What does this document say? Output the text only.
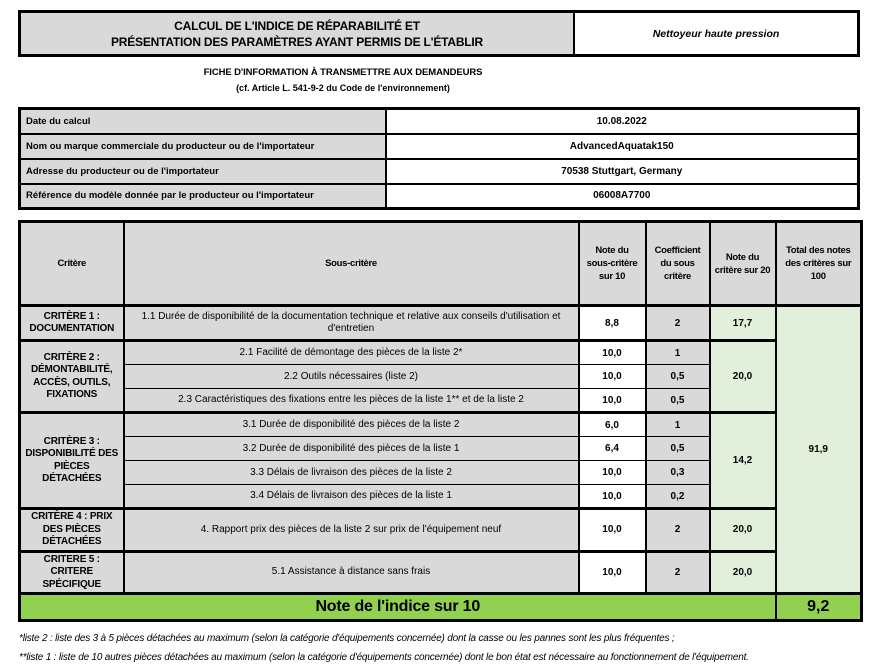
CALCUL DE L'INDICE DE RÉPARABILITÉ ET
PRÉSENTATION DES PARAMÈTRES AYANT PERMIS DE L'ÉTABLIR
Nettoyeur haute pression
FICHE D'INFORMATION À TRANSMETTRE AUX DEMANDEURS
(cf. Article L. 541-9-2 du Code de l'environnement)
Date du calcul	10.08.2022
Nom ou marque commerciale du producteur ou de l'importateur	AdvancedAquatak150
Adresse du producteur ou de l'importateur	70538 Stuttgart, Germany
Référence du modèle donnée par le producteur ou l'importateur	06008A7700
Critère	Sous-critère	Note du sous-critère sur 10	Coefficient du sous critère	Note du critère sur 20	Total des notes des critères sur 100
CRITÈRE 1 : DOCUMENTATION	1.1 Durée de disponibilité de la documentation technique et relative aux conseils d'utilisation et d'entretien	8,8	2	17,7	91,9
CRITÈRE 2 : DÉMONTABILITÉ, ACCÈS, OUTILS, FIXATIONS	2.1 Facilité de démontage des pièces de la liste 2*	10,0	1	20,0	
	2.2 Outils nécessaires (liste 2)	10,0	0,5		
	2.3 Caractéristiques des fixations entre les pièces de la liste 1** et de la liste 2	10,0	0,5		
CRITÈRE 3 : DISPONIBILITÉ DES PIÈCES DÉTACHÉES	3.1 Durée de disponibilité des pièces de la liste 2	6,0	1	14,2	
	3.2 Durée de disponibilité des pièces de la liste 1	6,4	0,5		
	3.3 Délais de livraison des pièces de la liste 2	10,0	0,3		
	3.4 Délais de livraison des pièces de la liste 1	10,0	0,2		
CRITÈRE 4 : PRIX DES PIÈCES DÉTACHÉES	4. Rapport prix des pièces de la liste 2 sur prix de l'équipement neuf	10,0	2	20,0	
CRITERE 5 : CRITERE SPÉCIFIQUE	5.1 Assistance à distance sans frais	10,0	2	20,0	
Note de l'indice sur 10					9,2
*liste 2 : liste des 3 à 5 pièces détachées au maximum (selon la catégorie d'équipements concernée) dont la casse ou les pannes sont les plus fréquentes ;
**liste 1 : liste de 10 autres pièces détachées au maximum (selon la catégorie d'équipements concernée) dont le bon état est nécessaire au fonctionnement de l'équipement.
